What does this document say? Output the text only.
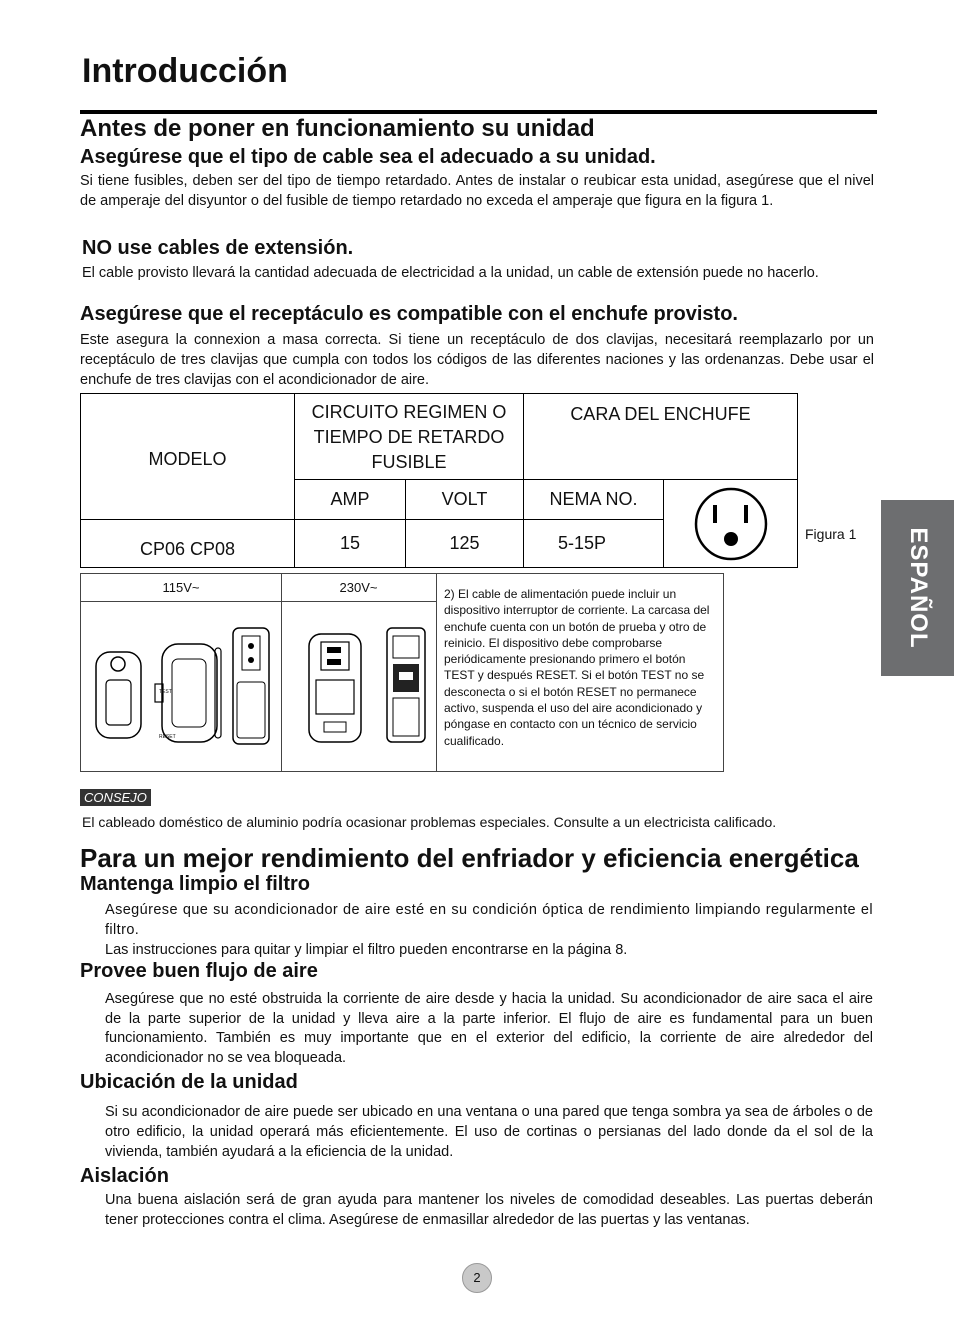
Introducción
ESPAÑOL
Antes de poner en funcionamiento su unidad
Asegúrese que el tipo de cable sea el adecuado a su unidad.

Si tiene fusibles, deben ser del tipo de tiempo retardado. Antes de instalar o reubicar esta unidad, asegúrese que el nivel de amperaje del disyuntor o del fusible de tiempo retardado no exceda el amperaje que figura en la figura 1.

NO use cables de extensión.

El cable provisto llevará la cantidad adecuada de electricidad a la unidad, un cable de extensión puede no hacerlo.

Asegúrese que el receptáculo es compatible con el enchufe provisto.

Este asegura la connexion a masa correcta. Si tiene un receptáculo de dos clavijas, necesitará reemplazarlo por un receptáculo de tres clavijas que cumpla con todos los códigos de las diferentes naciones y las ordenanzas. Debe usar el enchufe de tres clavijas con el acondicionador de aire.

MODELO	CIRCUITO REGIMEN O TIEMPO DE RETARDO FUSIBLE		CARA DEL ENCHUFE	
	AMP	VOLT	NEMA NO.	

CP06 CP08	15	125	5-15P		Figura 1
115V~
TEST
RESET
230V~	2) El cable de alimentación puede incluir un dispositivo interruptor de corriente. La carcasa del enchufe cuenta con un botón de prueba y otro de reinicio. El dispositivo debe comprobarse periódicamente presionando primero el botón TEST y después RESET. Si el botón TEST no se desconecta o si el botón RESET no permanece activo, suspenda el uso del aire acondicionado y póngase en contacto con un técnico de servicio cualificado.

CONSEJO

El cableado doméstico de aluminio podría ocasionar problemas especiales. Consulte a un electricista calificado.

Para un mejor rendimiento del enfriador y eficiencia energética
Mantenga limpio el filtro

Asegúrese que su acondicionador de aire esté en su condición óptica de rendimiento limpiando regularmente el filtro.

Las instrucciones para quitar y limpiar el filtro pueden encontrarse en la página 8.

Provee buen flujo de aire

Asegúrese que no esté obstruida la corriente de aire desde y hacia la unidad. Su acondicionador de aire saca el aire de la parte superior de la unidad y lleva aire a la parte inferior. El flujo de aire es fundamental para un buen funcionamiento. También es muy importante que en el exterior del edificio, la corriente de aire alrededor del acondicionador no se vea bloqueada.

Ubicación de la unidad

Si su acondicionador de aire puede ser ubicado en una ventana o una pared que tenga sombra ya sea de árboles o de otro edificio, la unidad operará más eficientemente. El uso de cortinas o persianas del lado donde da el sol de la vivienda, también ayudará a la eficiencia de la unidad.

Aislación

Una buena aislación será de gran ayuda para mantener los niveles de comodidad deseables. Las puertas deberán tener protecciones contra el clima. Asegúrese de enmasillar alrededor de las puertas y las ventanas.

2
